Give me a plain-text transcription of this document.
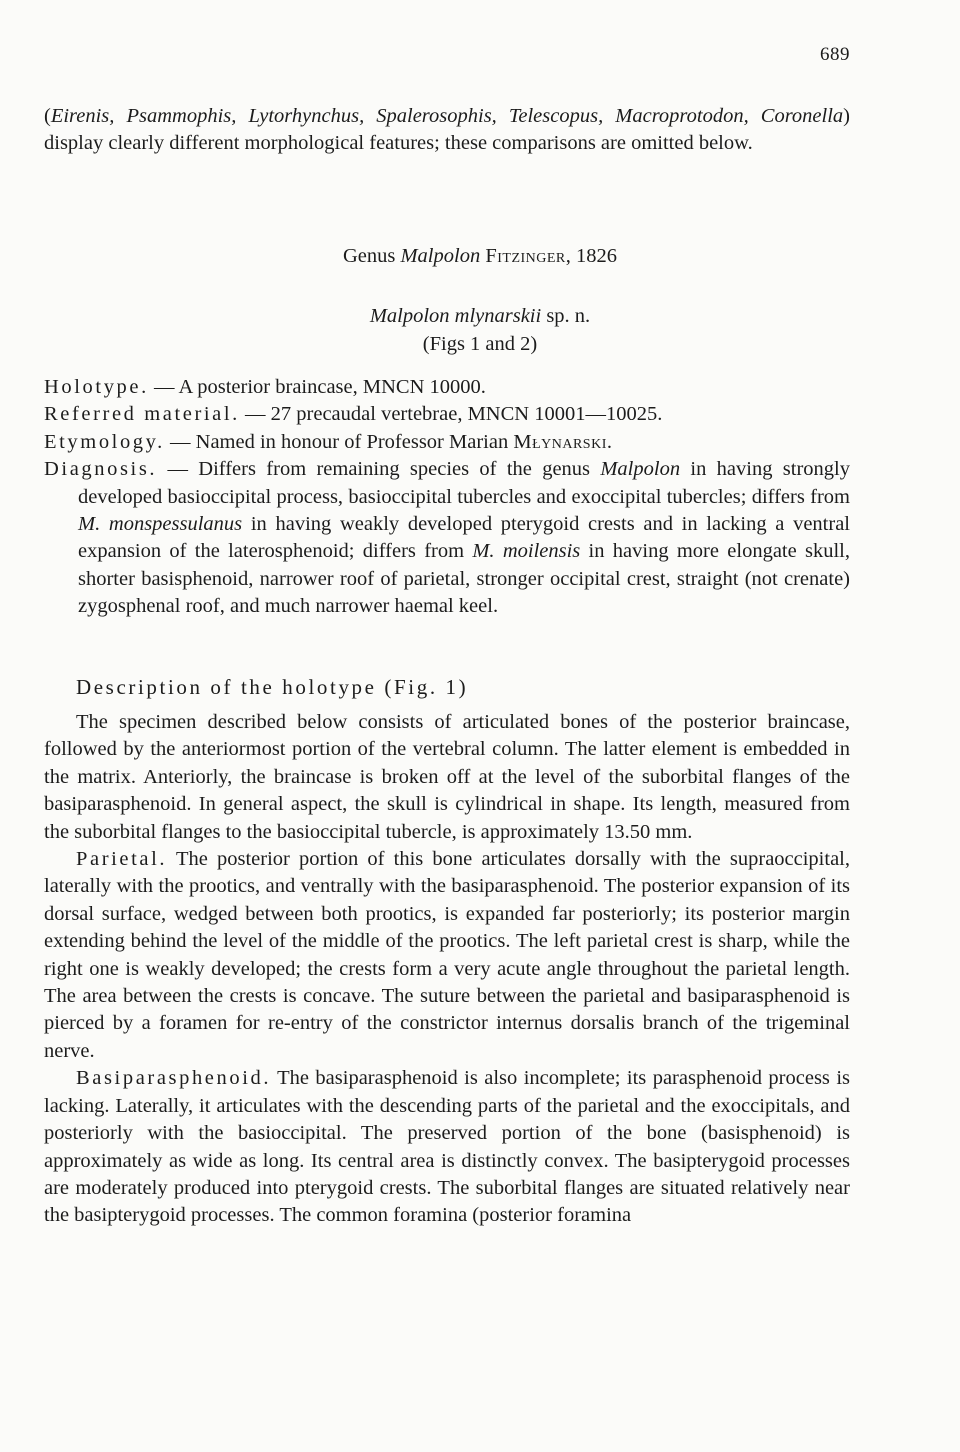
689
(Eirenis, Psammophis, Lytorhynchus, Spalerosophis, Telescopus, Macroprotodon, Coronella) display clearly different morphological features; these comparisons are omitted below.
Genus Malpolon Fitzinger, 1826
Malpolon mlynarskii sp. n.
(Figs 1 and 2)

Holotype. — A posterior braincase, MNCN 10000.

Referred material. — 27 precaudal vertebrae, MNCN 10001—10025.

Etymology. — Named in honour of Professor Marian Młynarski.

Diagnosis. — Differs from remaining species of the genus Malpolon in having strongly developed basioccipital process, basioccipital tubercles and exoccipital tubercles; differs from M. monspessulanus in having weakly developed pterygoid crests and in lacking a ventral expansion of the laterosphenoid; differs from M. moilensis in having more elongate skull, shorter basisphenoid, narrower roof of parietal, stronger occipital crest, straight (not crenate) zygosphenal roof, and much narrower haemal keel.

Description of the holotype (Fig. 1)

The specimen described below consists of articulated bones of the posterior braincase, followed by the anteriormost portion of the vertebral column. The latter element is embedded in the matrix. Anteriorly, the braincase is broken off at the level of the suborbital flanges of the basiparasphenoid. In general aspect, the skull is cylindrical in shape. Its length, measured from the suborbital flanges to the basioccipital tubercle, is approximately 13.50 mm.

Parietal. The posterior portion of this bone articulates dorsally with the supraoccipital, laterally with the prootics, and ventrally with the basiparasphenoid. The posterior expansion of its dorsal surface, wedged between both prootics, is expanded far posteriorly; its posterior margin extending behind the level of the middle of the prootics. The left parietal crest is sharp, while the right one is weakly developed; the crests form a very acute angle throughout the parietal length. The area between the crests is concave. The suture between the parietal and basiparasphenoid is pierced by a foramen for re-entry of the constrictor internus dorsalis branch of the trigeminal nerve.

Basiparasphenoid. The basiparasphenoid is also incomplete; its parasphenoid process is lacking. Laterally, it articulates with the descending parts of the parietal and the exoccipitals, and posteriorly with the basioccipital. The preserved portion of the bone (basisphenoid) is approximately as wide as long. Its central area is distinctly convex. The basipterygoid processes are moderately produced into pterygoid crests. The suborbital flanges are situated relatively near the basipterygoid processes. The common foramina (posterior foramina
